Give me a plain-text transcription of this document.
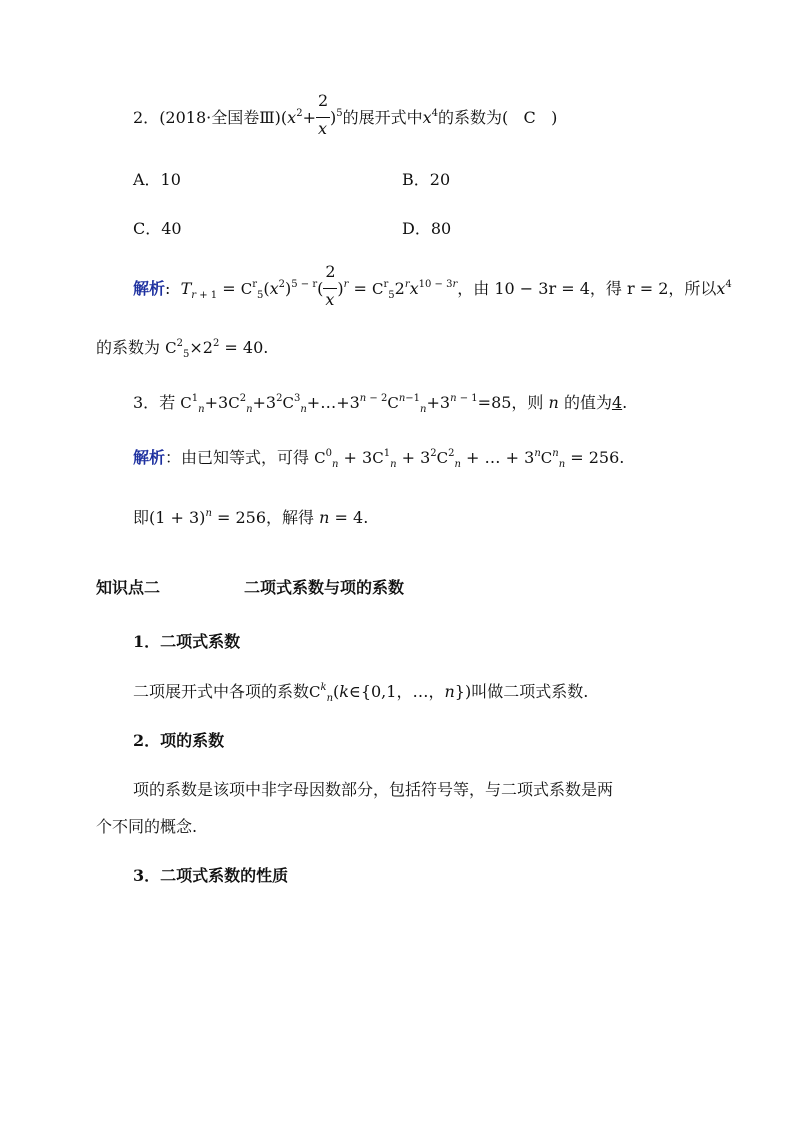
2．(2018·全国卷$Ⅲ)(x^2+ \frac{2}{x} )^5$的展开式中$x^4$的系数为( C )
A．10	B．20
C．40	D．80
解析:  $T_{r + 1} = C^r_5(x^2)^{5 - r}( \frac{2}{x} )^r = C^r_52^rx^{10 - 3r}$，由 10 − 3r = 4，得 r = 2，所以$x^4$
的系数为 $C^2_5\times 2^2 = 40$.
3．若 $C^1_n+3C^2_n+3^2C^3_n+\dots+3^{n - 2}C^{n-1}_n+3^{n - 1}=85$，则 n 的值为4.
解析：由已知等式，可得 $C^0_n + 3C^1_n + 3^2C^2_n$ + … + $3^nC^n_n = 256$.
即$(1 + 3)^n = 256$，解得 n = 4.
知识点二	二项式系数与项的系数
1．二项式系数
二项展开式中各项的系数$C^k_n(k\in\{0,1$，…，n})叫做二项式系数.
2．项的系数
项的系数是该项中非字母因数部分，包括符号等，与二项式系数是两
个不同的概念.
3．二项式系数的性质
